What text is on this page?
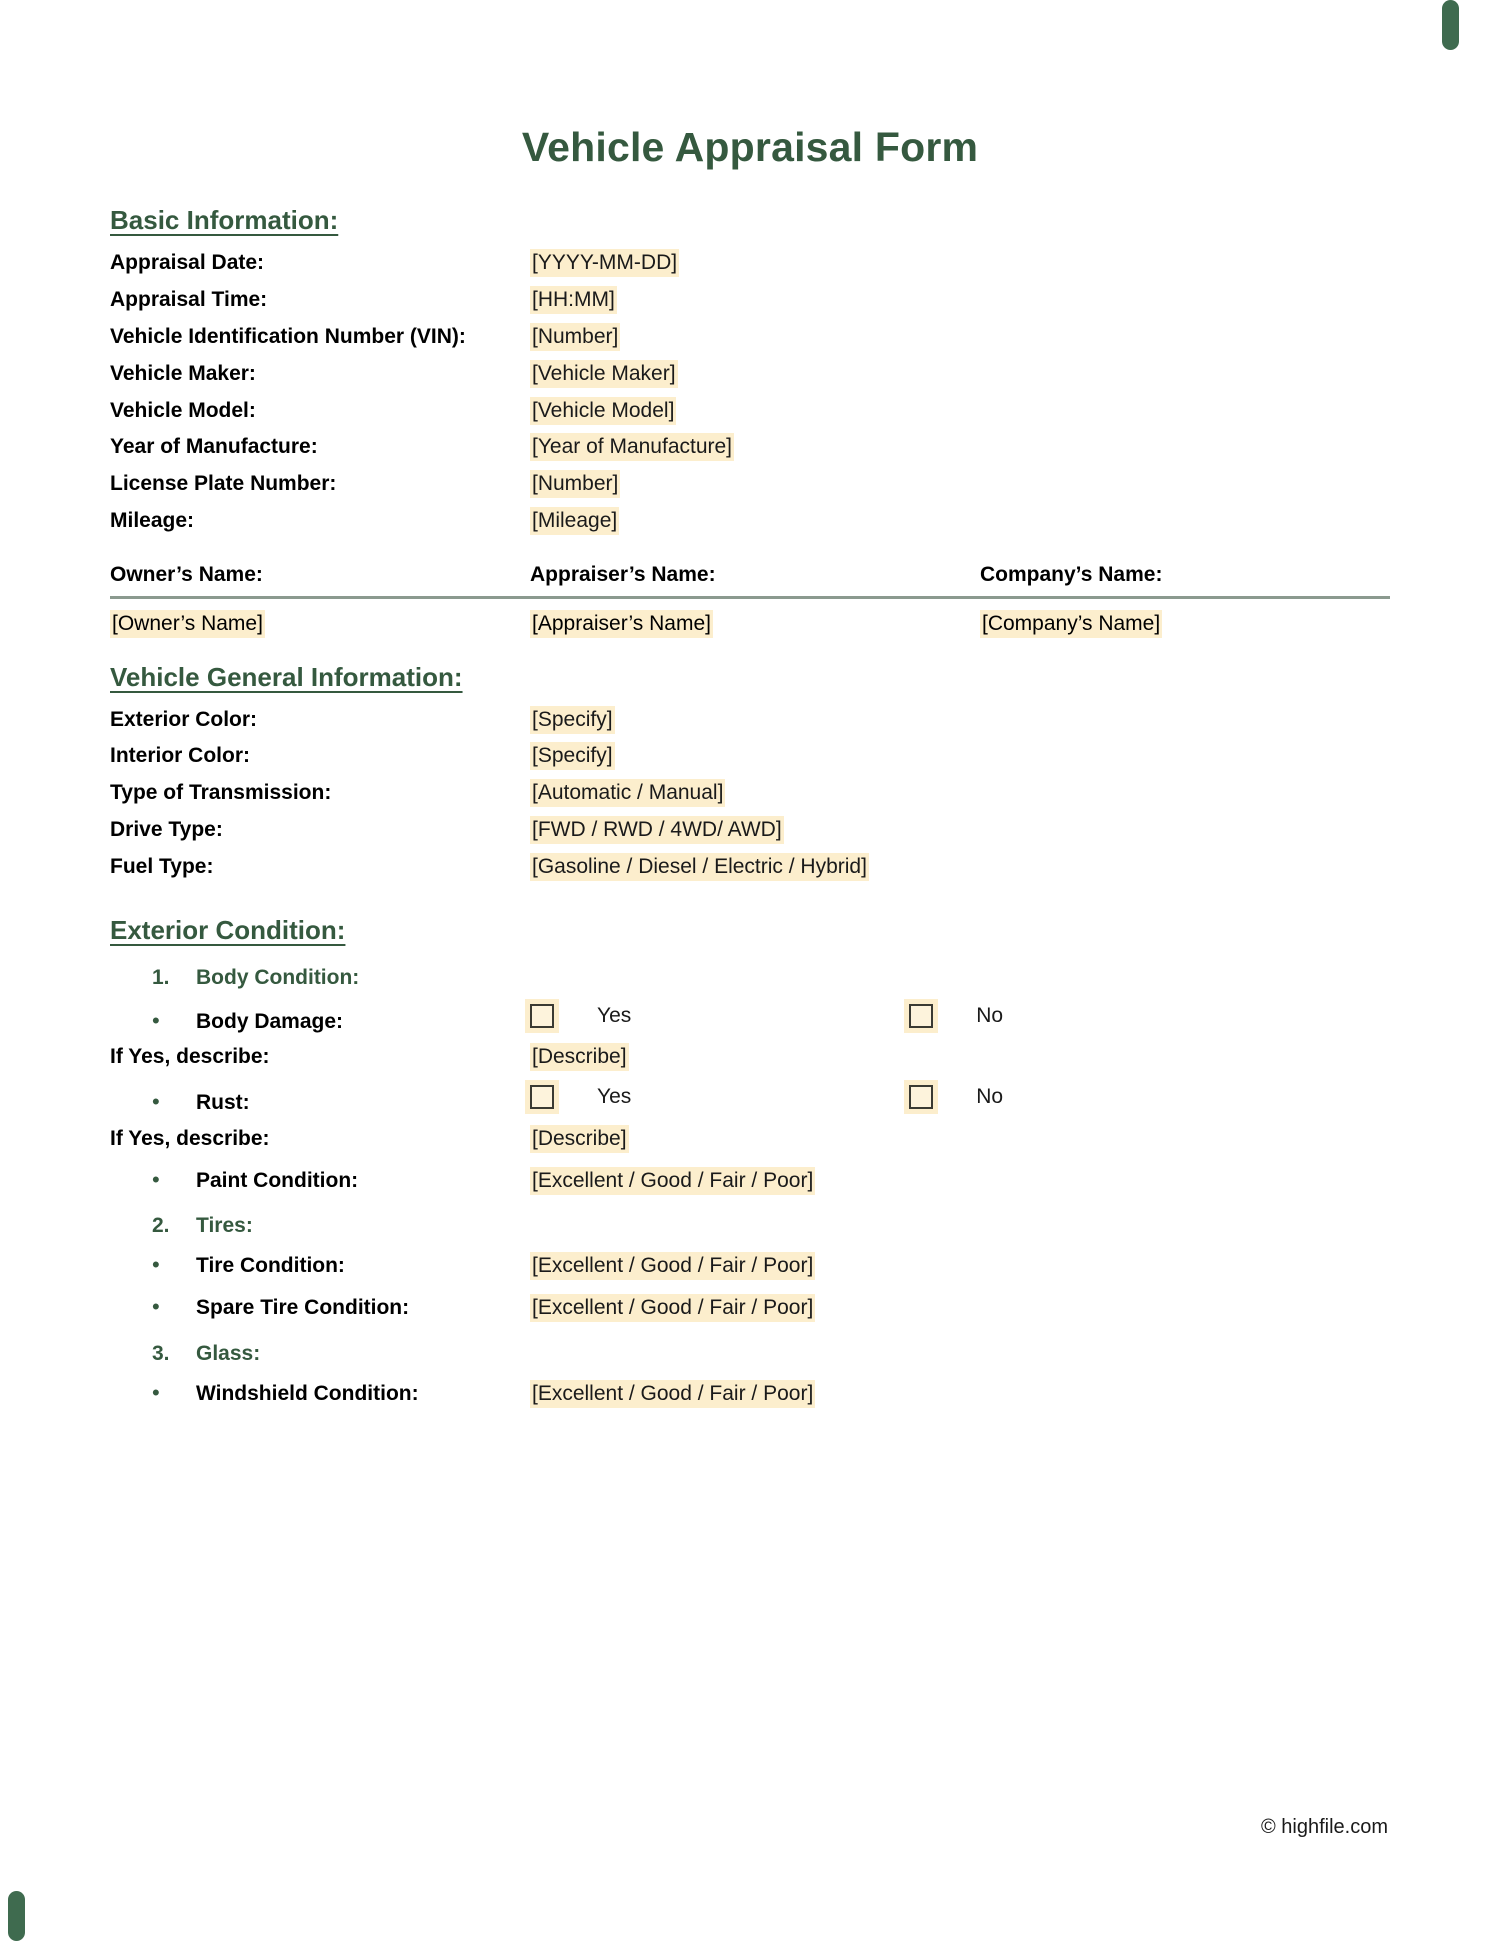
Vehicle Appraisal Form
Basic Information:
Appraisal Date:	[YYYY-MM-DD]
Appraisal Time:	[HH:MM]
Vehicle Identification Number (VIN):	[Number]
Vehicle Maker:	[Vehicle Maker]
Vehicle Model:	[Vehicle Model]
Year of Manufacture:	[Year of Manufacture]
License Plate Number:	[Number]
Mileage:	[Mileage]
Owner’s Name:	Appraiser’s Name:	Company’s Name:
[Owner’s Name]	[Appraiser’s Name]	[Company’s Name]
Vehicle General Information:
Exterior Color:	[Specify]
Interior Color:	[Specify]
Type of Transmission:	[Automatic / Manual]
Drive Type:	[FWD / RWD / 4WD/ AWD]
Fuel Type:	[Gasoline / Diesel / Electric / Hybrid]
Exterior Condition:
1.	Body Condition:
•	Body Damage:	Yes	No
If Yes, describe:	[Describe]
•	Rust:	Yes	No
If Yes, describe:	[Describe]
•	Paint Condition:	[Excellent / Good / Fair / Poor]
2.	Tires:
•	Tire Condition:	[Excellent / Good / Fair / Poor]
•	Spare Tire Condition:	[Excellent / Good / Fair / Poor]
3.	Glass:
•	Windshield Condition:	[Excellent / Good / Fair / Poor]
© highfile.com
